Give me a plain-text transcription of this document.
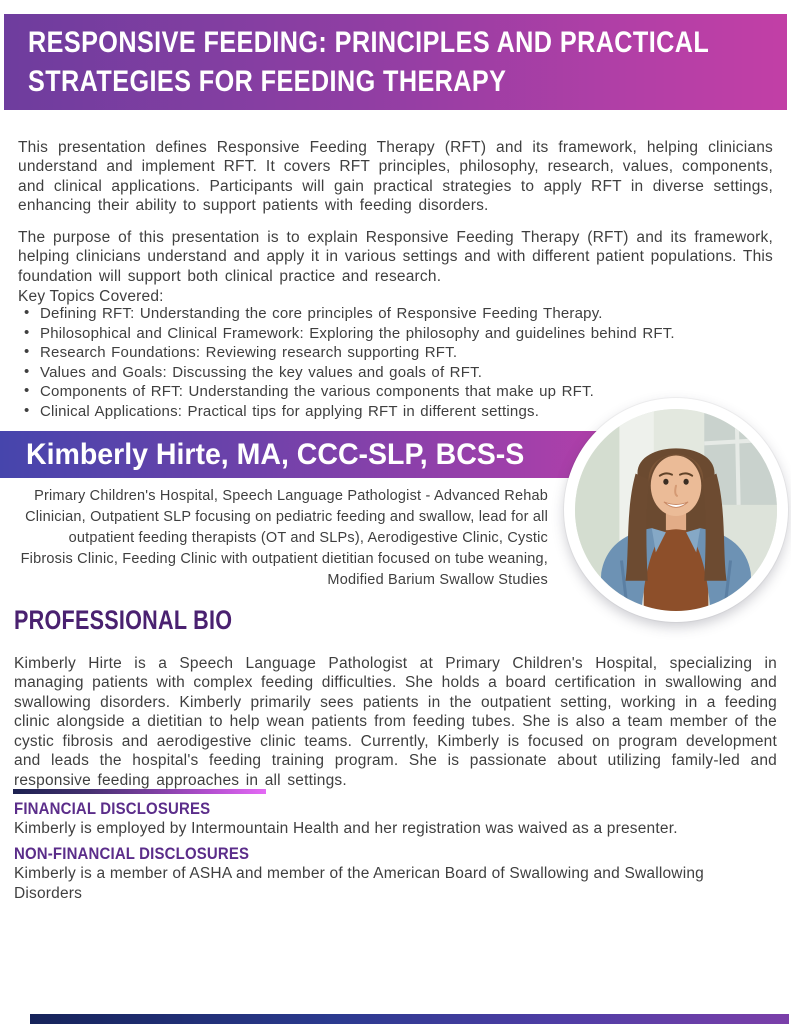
RESPONSIVE FEEDING: PRINCIPLES AND PRACTICAL STRATEGIES FOR FEEDING THERAPY

This presentation defines Responsive Feeding Therapy (RFT) and its framework, helping clinicians understand and implement RFT. It covers RFT principles, philosophy, research, values, components, and clinical applications. Participants will gain practical strategies to apply RFT in diverse settings, enhancing their ability to support patients with feeding disorders.

The purpose of this presentation is to explain Responsive Feeding Therapy (RFT) and its framework, helping clinicians understand and apply it in various settings and with different patient populations. This foundation will support both clinical practice and research.

Key Topics Covered:
• Defining RFT: Understanding the core principles of Responsive Feeding Therapy.
• Philosophical and Clinical Framework: Exploring the philosophy and guidelines behind RFT.
• Research Foundations: Reviewing research supporting RFT.
• Values and Goals: Discussing the key values and goals of RFT.
• Components of RFT: Understanding the various components that make up RFT.
• Clinical Applications: Practical tips for applying RFT in different settings.
Kimberly Hirte, MA, CCC-SLP, BCS-S
Primary Children's Hospital, Speech Language Pathologist - Advanced Rehab Clinician, Outpatient SLP focusing on pediatric feeding and swallow, lead for all outpatient feeding therapists (OT and SLPs), Aerodigestive Clinic, Cystic Fibrosis Clinic, Feeding Clinic with outpatient dietitian focused on tube weaning, Modified Barium Swallow Studies
PROFESSIONAL BIO

Kimberly Hirte is a Speech Language Pathologist at Primary Children's Hospital, specializing in managing patients with complex feeding difficulties. She holds a board certification in swallowing and swallowing disorders. Kimberly primarily sees patients in the outpatient setting, working in a feeding clinic alongside a dietitian to help wean patients from feeding tubes. She is also a team member of the cystic fibrosis and aerodigestive clinic teams. Currently, Kimberly is focused on program development and leads the hospital's feeding training program. She is passionate about utilizing family-led and responsive feeding approaches in all settings.

FINANCIAL DISCLOSURES
Kimberly is employed by Intermountain Health and her registration was waived as a presenter.
NON-FINANCIAL DISCLOSURES
Kimberly is a member of ASHA and member of the American Board of Swallowing and Swallowing Disorders
